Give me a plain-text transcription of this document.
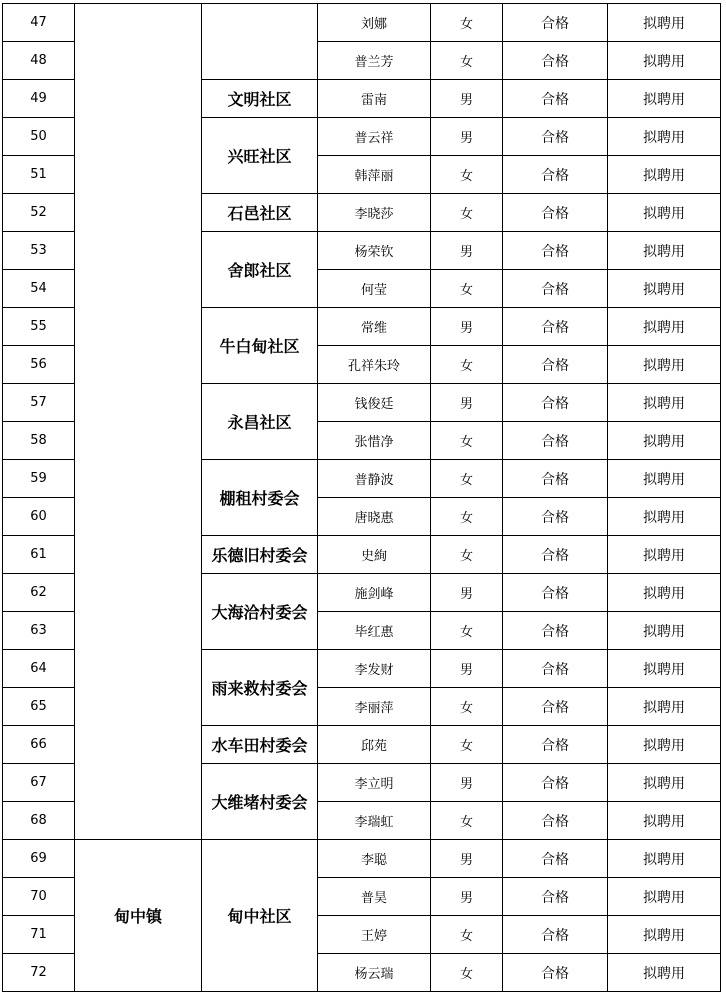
47			刘娜	女	合格	拟聘用
48			普兰芳	女	合格	拟聘用
49		文明社区	雷南	男	合格	拟聘用
50		兴旺社区	普云祥	男	合格	拟聘用
51			韩萍丽	女	合格	拟聘用
52		石邑社区	李晓莎	女	合格	拟聘用
53		舍郎社区	杨荣钦	男	合格	拟聘用
54			何莹	女	合格	拟聘用
55		牛白甸社区	常维	男	合格	拟聘用
56			孔祥朱玲	女	合格	拟聘用
57		永昌社区	钱俊廷	男	合格	拟聘用
58			张惜净	女	合格	拟聘用
59		棚租村委会	普静波	女	合格	拟聘用
60			唐晓惠	女	合格	拟聘用
61		乐德旧村委会	史絢	女	合格	拟聘用
62		大海洽村委会	施剑峰	男	合格	拟聘用
63			毕红惠	女	合格	拟聘用
64		雨来救村委会	李发财	男	合格	拟聘用
65			李丽萍	女	合格	拟聘用
66		水车田村委会	邱苑	女	合格	拟聘用
67		大维堵村委会	李立明	男	合格	拟聘用
68			李瑞虹	女	合格	拟聘用
69	甸中镇	甸中社区	李聪	男	合格	拟聘用
70			普昊	男	合格	拟聘用
71			王婷	女	合格	拟聘用
72			杨云瑞	女	合格	拟聘用
